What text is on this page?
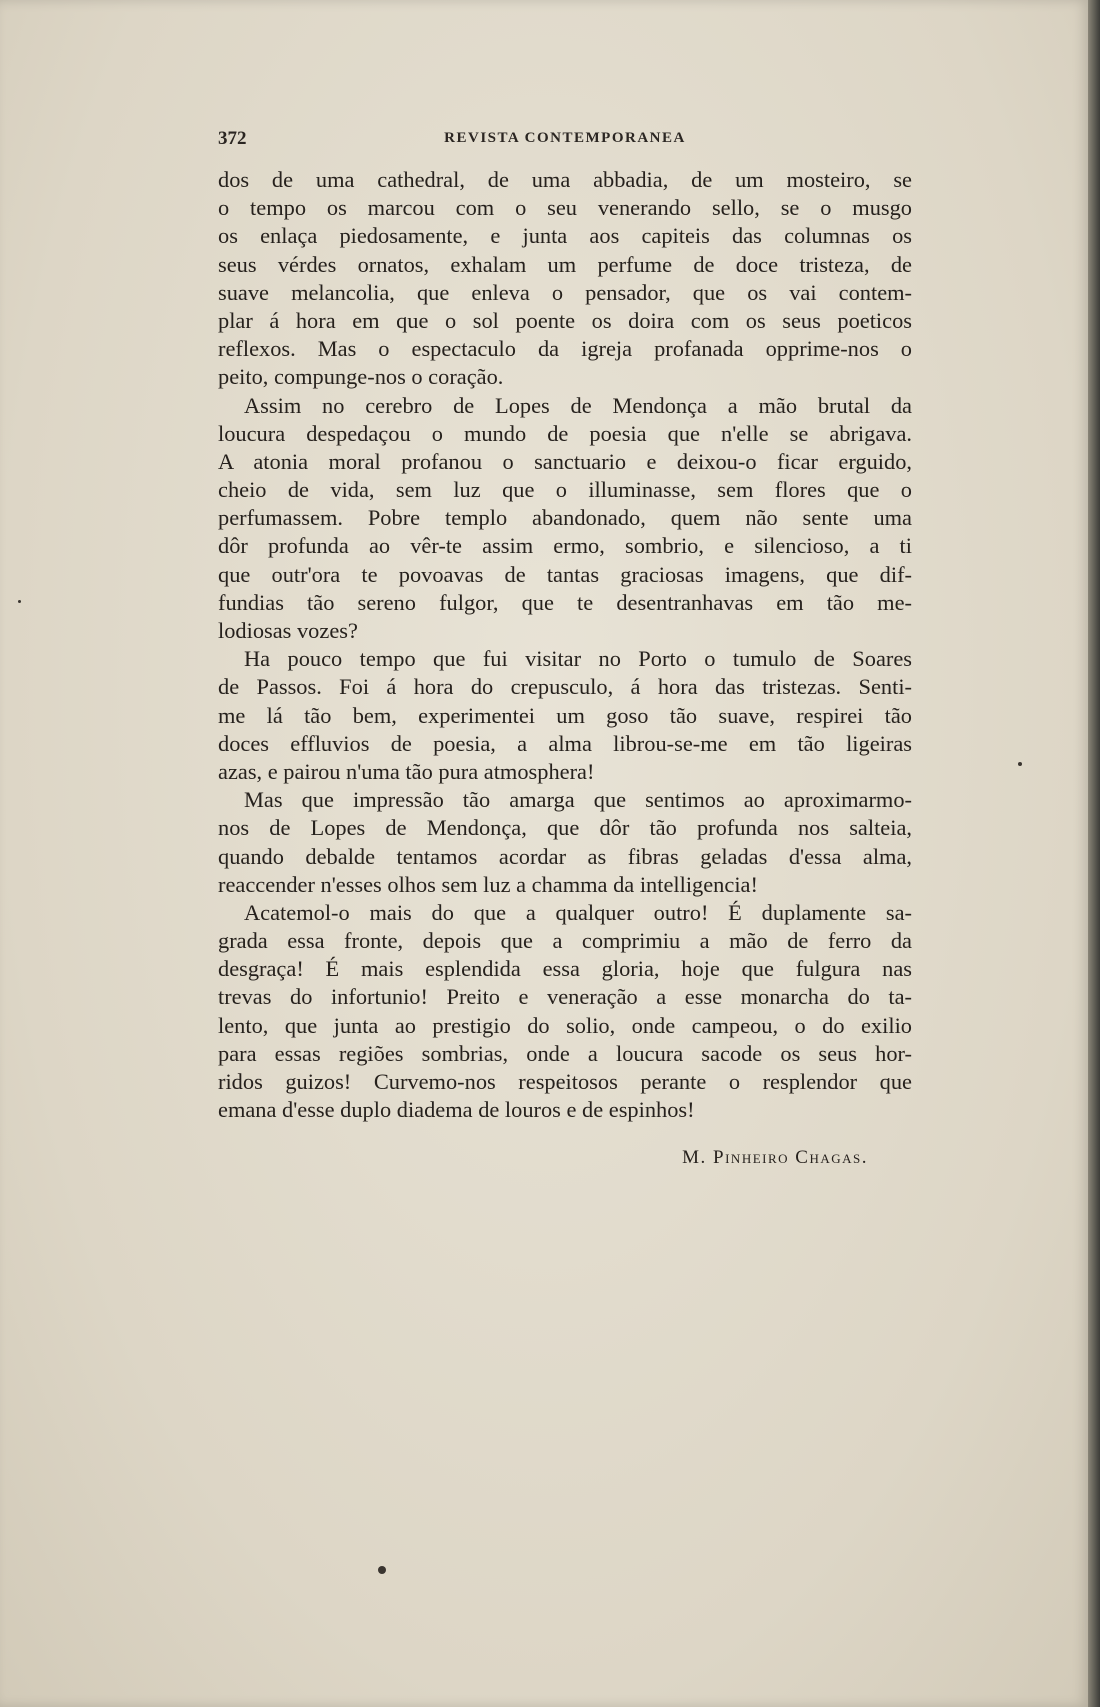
372	REVISTA CONTEMPORANEA
dos de uma cathedral, de uma abbadia, de um mosteiro, se
o tempo os marcou com o seu venerando sello, se o musgo
os enlaça piedosamente, e junta aos capiteis das columnas os
seus vérdes ornatos, exhalam um perfume de doce tristeza, de
suave melancolia, que enleva o pensador, que os vai contem-
plar á hora em que o sol poente os doira com os seus poeticos
reflexos. Mas o espectaculo da igreja profanada opprime-nos o
peito, compunge-nos o coração.
Assim no cerebro de Lopes de Mendonça a mão brutal da
loucura despedaçou o mundo de poesia que n'elle se abrigava.
A atonia moral profanou o sanctuario e deixou-o ficar erguido,
cheio de vida, sem luz que o illuminasse, sem flores que o
perfumassem. Pobre templo abandonado, quem não sente uma
dôr profunda ao vêr-te assim ermo, sombrio, e silencioso, a ti
que outr'ora te povoavas de tantas graciosas imagens, que dif-
fundias tão sereno fulgor, que te desentranhavas em tão me-
lodiosas vozes?
Ha pouco tempo que fui visitar no Porto o tumulo de Soares
de Passos. Foi á hora do crepusculo, á hora das tristezas. Senti-
me lá tão bem, experimentei um goso tão suave, respirei tão
doces effluvios de poesia, a alma librou-se-me em tão ligeiras
azas, e pairou n'uma tão pura atmosphera!
Mas que impressão tão amarga que sentimos ao aproximarmo-
nos de Lopes de Mendonça, que dôr tão profunda nos salteia,
quando debalde tentamos acordar as fibras geladas d'essa alma,
reaccender n'esses olhos sem luz a chamma da intelligencia!
Acatemol-o mais do que a qualquer outro! É duplamente sa-
grada essa fronte, depois que a comprimiu a mão de ferro da
desgraça! É mais esplendida essa gloria, hoje que fulgura nas
trevas do infortunio! Preito e veneração a esse monarcha do ta-
lento, que junta ao prestigio do solio, onde campeou, o do exilio
para essas regiões sombrias, onde a loucura sacode os seus hor-
ridos guizos! Curvemo-nos respeitosos perante o resplendor que
emana d'esse duplo diadema de louros e de espinhos!
M. Pinheiro Chagas.
